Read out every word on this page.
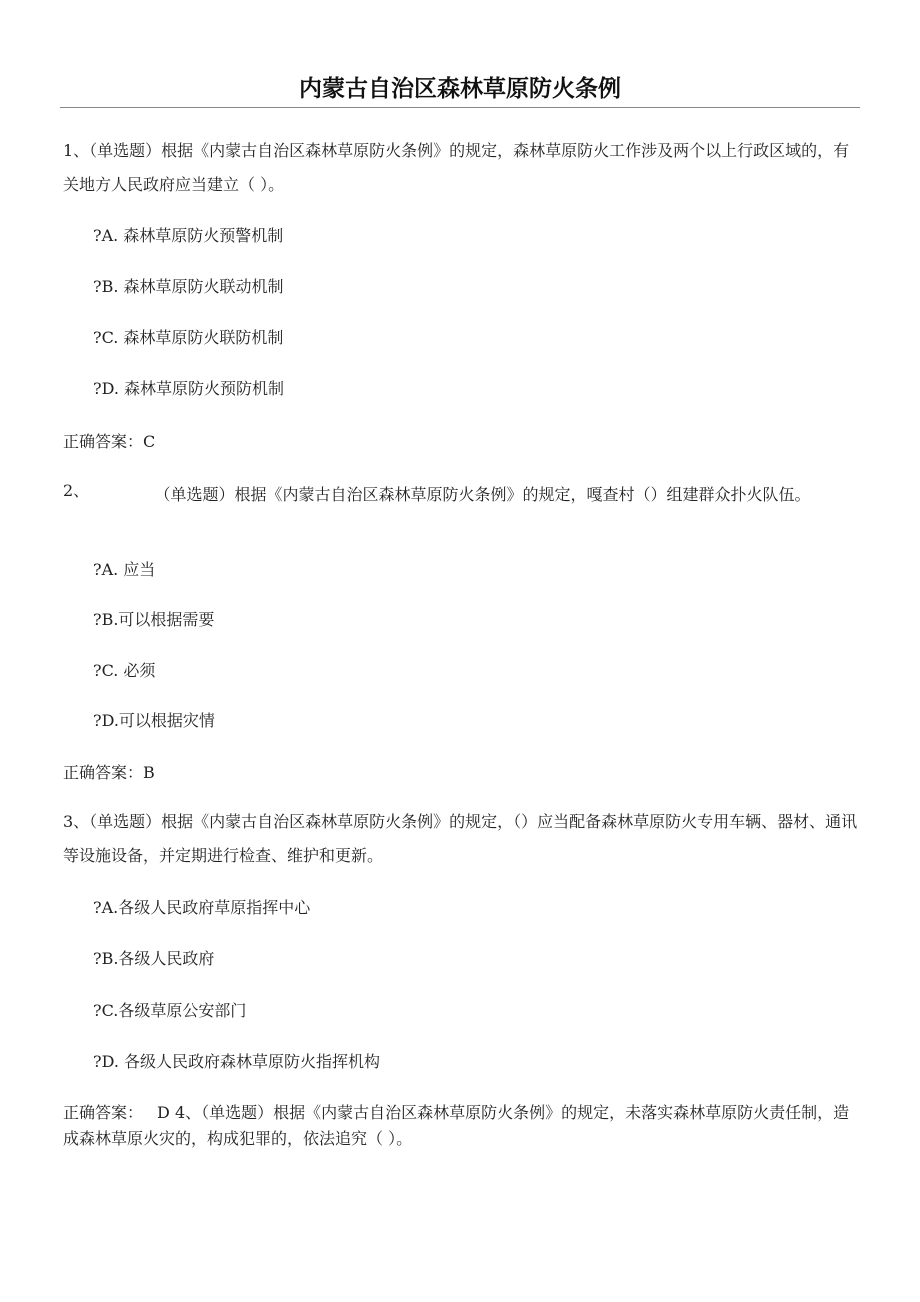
内蒙古自治区森林草原防火条例
1、（单选题）根据《内蒙古自治区森林草原防火条例》的规定，森林草原防火工作涉及两个以上行政区域的，有关地方人民政府应当建立（ ）。
?A. 森林草原防火预警机制
?B. 森林草原防火联动机制
?C. 森林草原防火联防机制
?D. 森林草原防火预防机制
正确答案：C
2、	（单选题）根据《内蒙古自治区森林草原防火条例》的规定，嘎查村（）组建群众扑火队伍。
?A. 应当
?B.可以根据需要
?C. 必须
?D.可以根据灾情
正确答案：B
3、（单选题）根据《内蒙古自治区森林草原防火条例》的规定，（）应当配备森林草原防火专用车辆、器材、通讯等设施设备，并定期进行检查、维护和更新。
?A.各级人民政府草原指挥中心
?B.各级人民政府
?C.各级草原公安部门
?D. 各级人民政府森林草原防火指挥机构
正确答案： D 4、（单选题）根据《内蒙古自治区森林草原防火条例》的规定，未落实森林草原防火责任制，造 成森林草原火灾的，构成犯罪的，依法追究（ ）。
